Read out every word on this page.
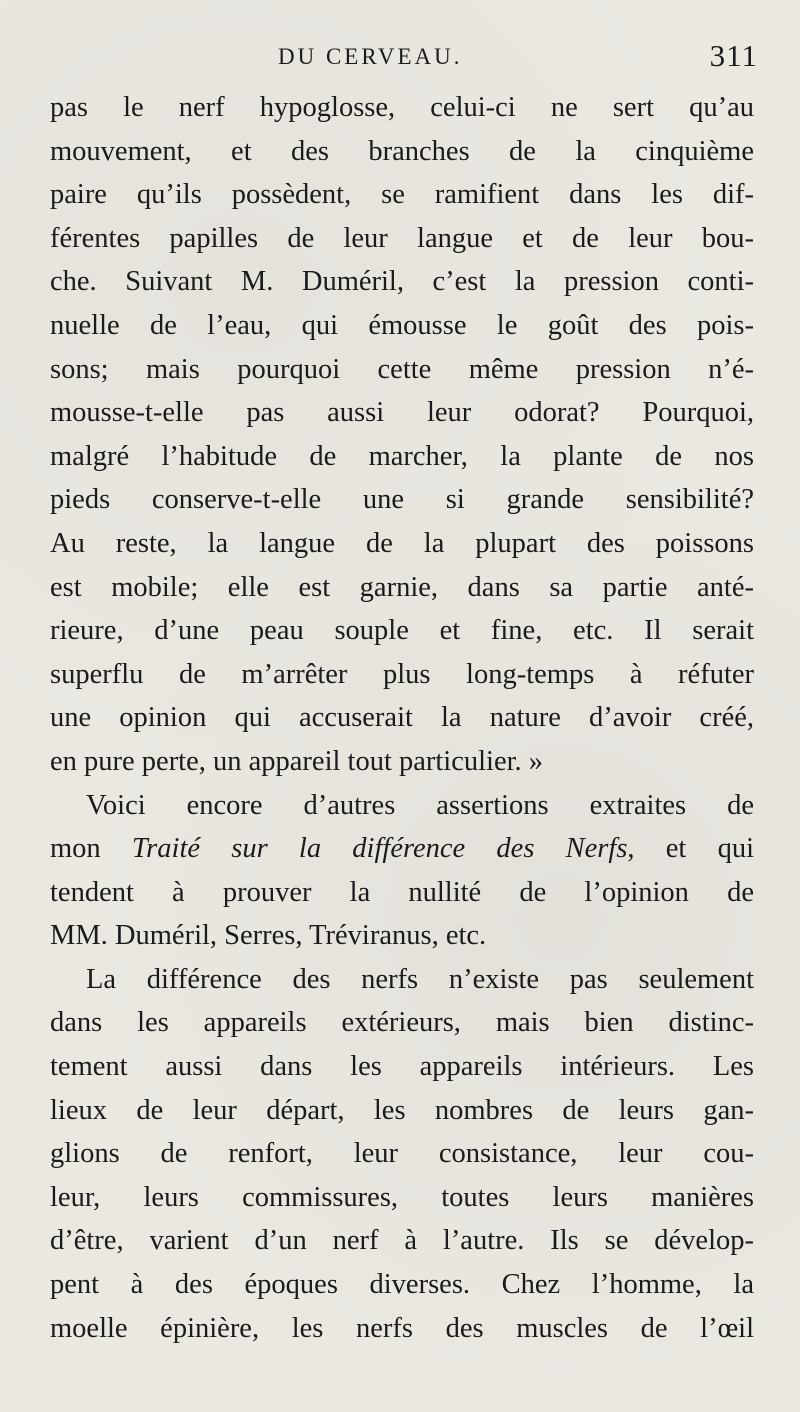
DU CERVEAU.	311
pas le nerf hypoglosse, celui-ci ne sert qu’au
mouvement, et des branches de la cinquième
paire qu’ils possèdent, se ramifient dans les dif-
férentes papilles de leur langue et de leur bou-
che. Suivant M. Duméril, c’est la pression conti-
nuelle de l’eau, qui émousse le goût des pois-
sons; mais pourquoi cette même pression n’é-
mousse-t-elle pas aussi leur odorat? Pourquoi,
malgré l’habitude de marcher, la plante de nos
pieds conserve-t-elle une si grande sensibilité?
Au reste, la langue de la plupart des poissons
est mobile; elle est garnie, dans sa partie anté-
rieure, d’une peau souple et fine, etc. Il serait
superflu de m’arrêter plus long-temps à réfuter
une opinion qui accuserait la nature d’avoir créé,
en pure perte, un appareil tout particulier. »
Voici encore d’autres assertions extraites de
mon Traité sur la différence des Nerfs, et qui
tendent à prouver la nullité de l’opinion de
MM. Duméril, Serres, Tréviranus, etc.
La différence des nerfs n’existe pas seulement
dans les appareils extérieurs, mais bien distinc-
tement aussi dans les appareils intérieurs. Les
lieux de leur départ, les nombres de leurs gan-
glions de renfort, leur consistance, leur cou-
leur, leurs commissures, toutes leurs manières
d’être, varient d’un nerf à l’autre. Ils se dévelop-
pent à des époques diverses. Chez l’homme, la
moelle épinière, les nerfs des muscles de l’œil
